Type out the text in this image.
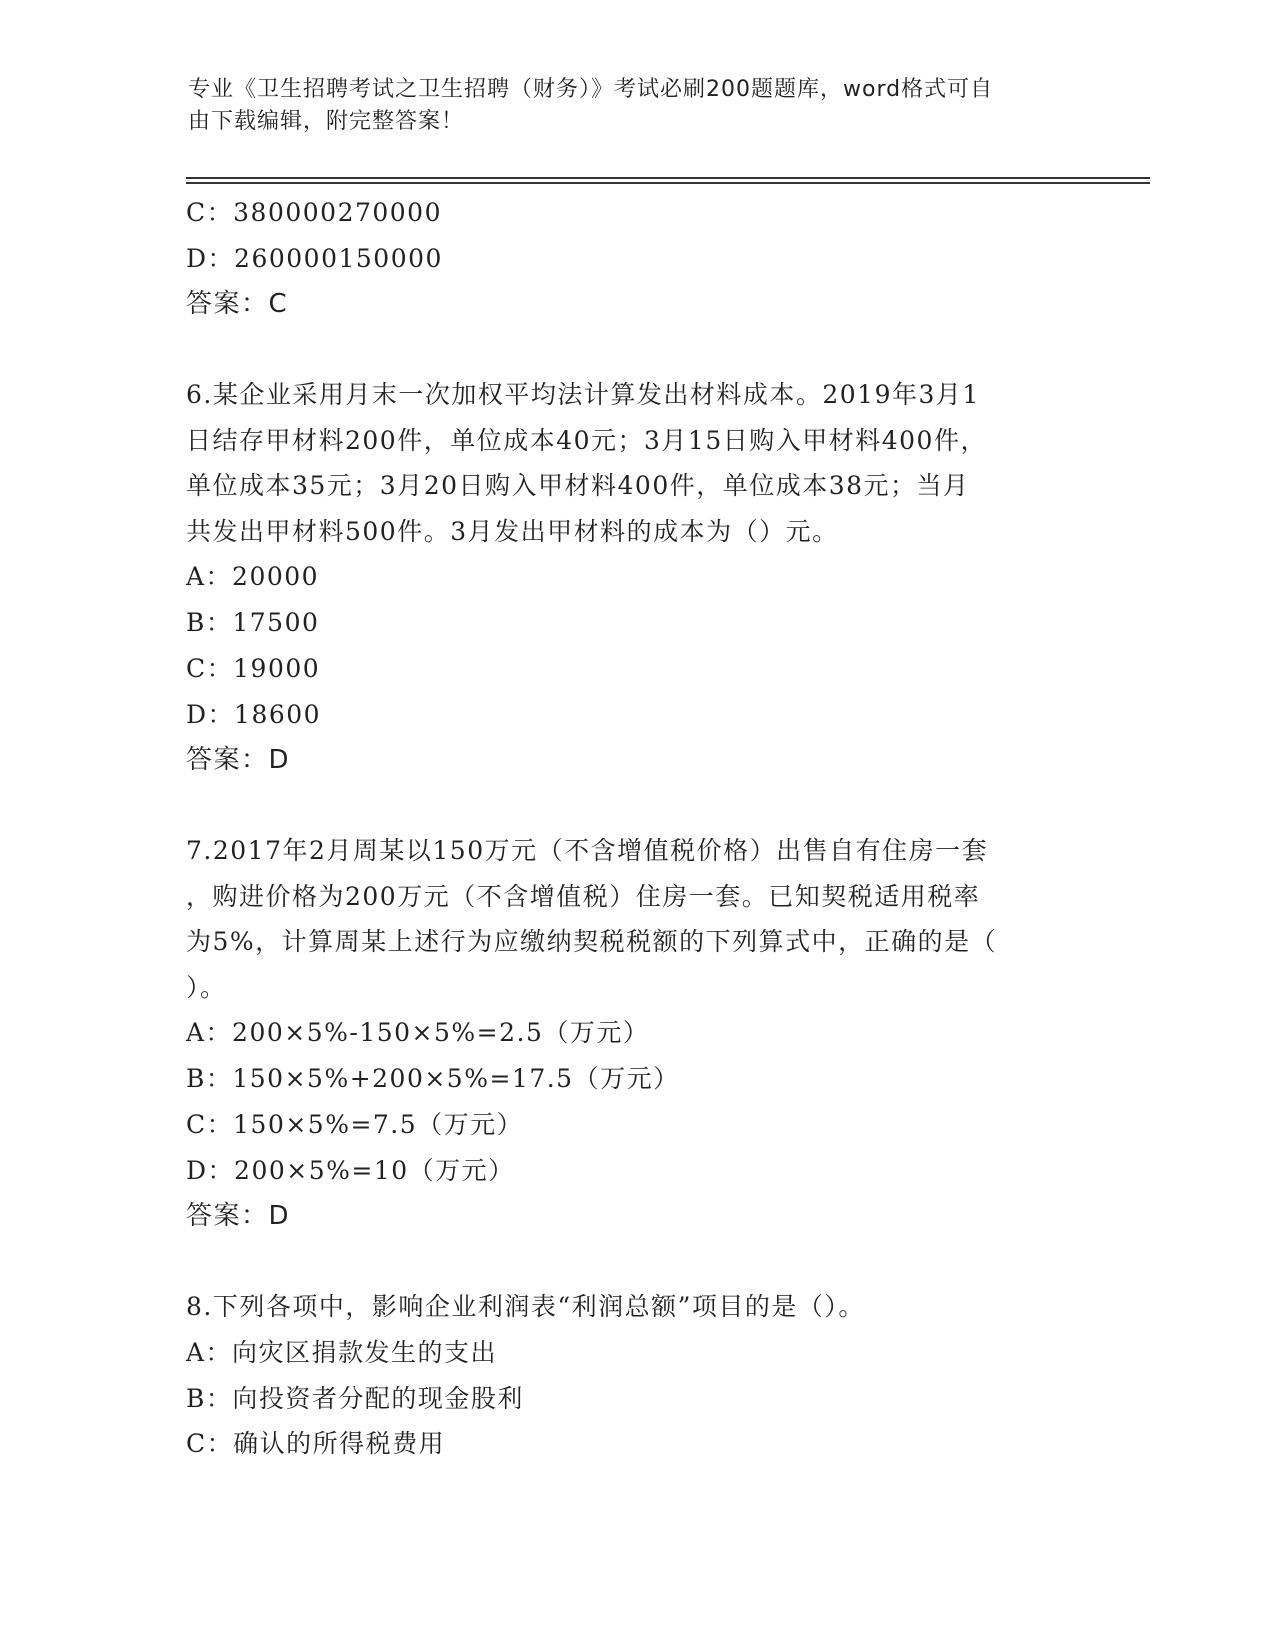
专业《卫生招聘考试之卫生招聘（财务）》考试必刷200题题库，word格式可自
由下载编辑，附完整答案！
C：380000270000
D：260000150000
答案：C
6.某企业采用月末一次加权平均法计算发出材料成本。2019年3月1
日结存甲材料200件，单位成本40元；3月15日购入甲材料400件，
单位成本35元；3月20日购入甲材料400件，单位成本38元；当月
共发出甲材料500件。3月发出甲材料的成本为（）元。
A：20000
B：17500
C：19000
D：18600
答案：D
7.2017年2月周某以150万元（不含增值税价格）出售自有住房一套
，购进价格为200万元（不含增值税）住房一套。已知契税适用税率
为5%，计算周某上述行为应缴纳契税税额的下列算式中，正确的是（
）。
A：200×5%-150×5%=2.5（万元）
B：150×5%+200×5%=17.5（万元）
C：150×5%=7.5（万元）
D：200×5%=10（万元）
答案：D
8.下列各项中，影响企业利润表“利润总额”项目的是（）。
A：向灾区捐款发生的支出
B：向投资者分配的现金股利
C：确认的所得税费用
